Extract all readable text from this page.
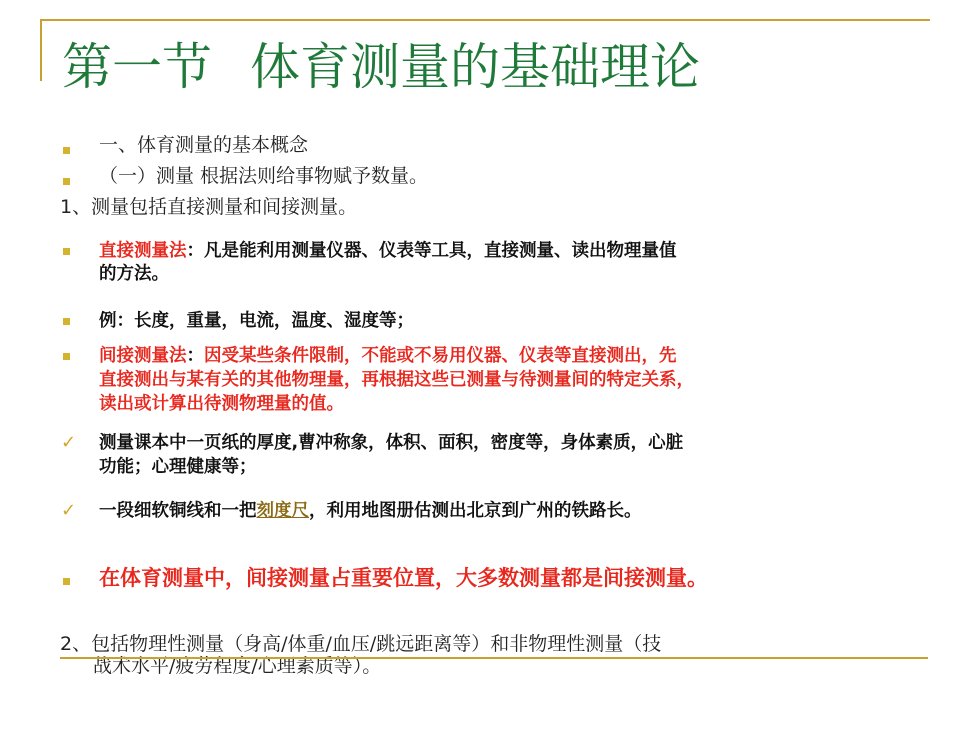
第一节 体育测量的基础理论
一、体育测量的基本概念
（一）测量 根据法则给事物赋予数量。
1、测量包括直接测量和间接测量。
直接测量法：凡是能利用测量仪器、仪表等工具，直接测量、读出物理量值
的方法。
例：长度，重量，电流，温度、湿度等；
间接测量法：因受某些条件限制，不能或不易用仪器、仪表等直接测出，先
直接测出与某有关的其他物理量，再根据这些已测量与待测量间的特定关系，
读出或计算出待测物理量的值。
✓ 测量课本中一页纸的厚度,曹冲称象，体积、面积，密度等，身体素质，心脏
功能；心理健康等；
✓ 一段细软铜线和一把刻度尺，利用地图册估测出北京到广州的铁路长。
在体育测量中，间接测量占重要位置，大多数测量都是间接测量。
2、包括物理性测量（身高/体重/血压/跳远距离等）和非物理性测量（技
战术水平/疲劳程度/心理素质等）。
